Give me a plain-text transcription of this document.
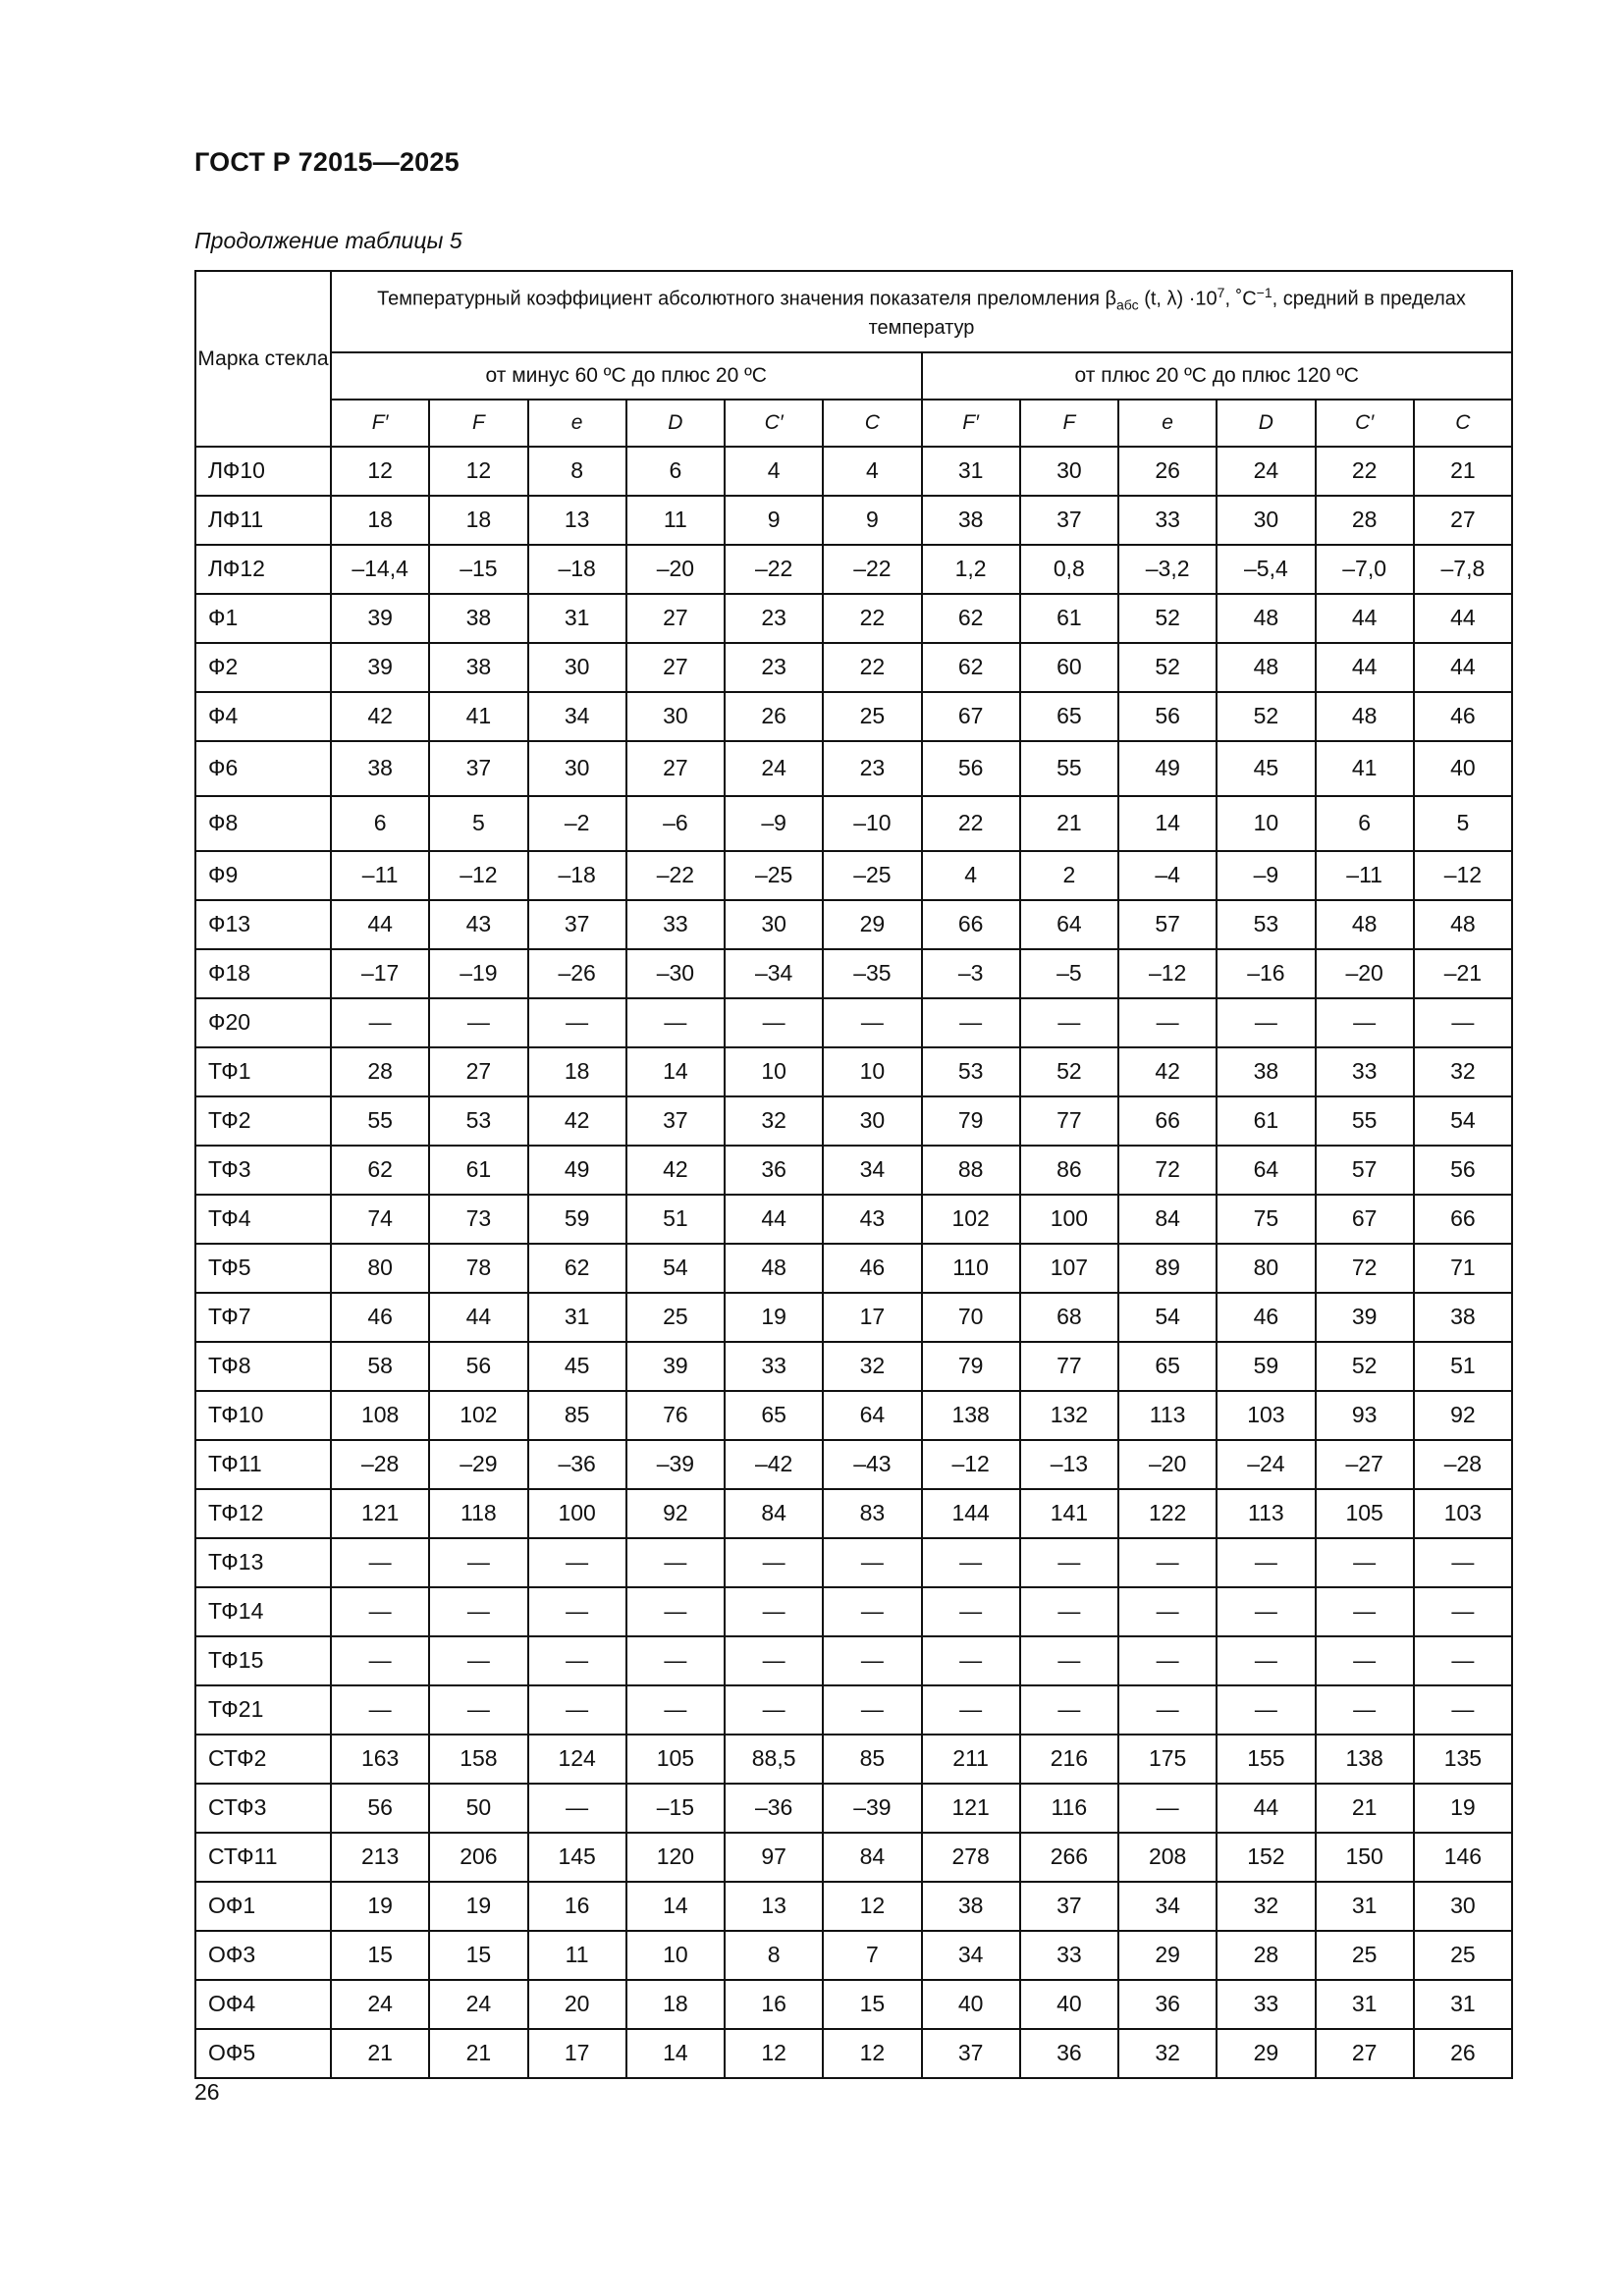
ГОСТ Р 72015—2025
Продолжение таблицы 5
Марка стекла	Температурный коэффициент абсолютного значения показателя преломления $\beta_{абс}$ (t, $\lambda) \cdot 10^7$, $˚С^{-1}$, средний в пределах температур											
	от минус 60 ºС до плюс 20 ºС						от плюс 20 ºС до плюс 120 ºС					
	F′	F	e	D	C′	C	F′	F	e	D	C′	C
ЛФ10	12	12	8	6	4	4	31	30	26	24	22	21
ЛФ11	18	18	13	11	9	9	38	37	33	30	28	27
ЛФ12	–14,4	–15	–18	–20	–22	–22	1,2	0,8	–3,2	–5,4	–7,0	–7,8
Ф1	39	38	31	27	23	22	62	61	52	48	44	44
Ф2	39	38	30	27	23	22	62	60	52	48	44	44
Ф4	42	41	34	30	26	25	67	65	56	52	48	46
Ф6	38	37	30	27	24	23	56	55	49	45	41	40
Ф8	6	5	–2	–6	–9	–10	22	21	14	10	6	5
Ф9	–11	–12	–18	–22	–25	–25	4	2	–4	–9	–11	–12
Ф13	44	43	37	33	30	29	66	64	57	53	48	48
Ф18	–17	–19	–26	–30	–34	–35	–3	–5	–12	–16	–20	–21
Ф20	—	—	—	—	—	—	—	—	—	—	—	—
ТФ1	28	27	18	14	10	10	53	52	42	38	33	32
ТФ2	55	53	42	37	32	30	79	77	66	61	55	54
ТФ3	62	61	49	42	36	34	88	86	72	64	57	56
ТФ4	74	73	59	51	44	43	102	100	84	75	67	66
ТФ5	80	78	62	54	48	46	110	107	89	80	72	71
ТФ7	46	44	31	25	19	17	70	68	54	46	39	38
ТФ8	58	56	45	39	33	32	79	77	65	59	52	51
ТФ10	108	102	85	76	65	64	138	132	113	103	93	92
ТФ11	–28	–29	–36	–39	–42	–43	–12	–13	–20	–24	–27	–28
ТФ12	121	118	100	92	84	83	144	141	122	113	105	103
ТФ13	—	—	—	—	—	—	—	—	—	—	—	—
ТФ14	—	—	—	—	—	—	—	—	—	—	—	—
ТФ15	—	—	—	—	—	—	—	—	—	—	—	—
ТФ21	—	—	—	—	—	—	—	—	—	—	—	—
СТФ2	163	158	124	105	88,5	85	211	216	175	155	138	135
СТФ3	56	50	—	–15	–36	–39	121	116	—	44	21	19
СТФ11	213	206	145	120	97	84	278	266	208	152	150	146
ОФ1	19	19	16	14	13	12	38	37	34	32	31	30
ОФ3	15	15	11	10	8	7	34	33	29	28	25	25
ОФ4	24	24	20	18	16	15	40	40	36	33	31	31
ОФ5	21	21	17	14	12	12	37	36	32	29	27	26
26
